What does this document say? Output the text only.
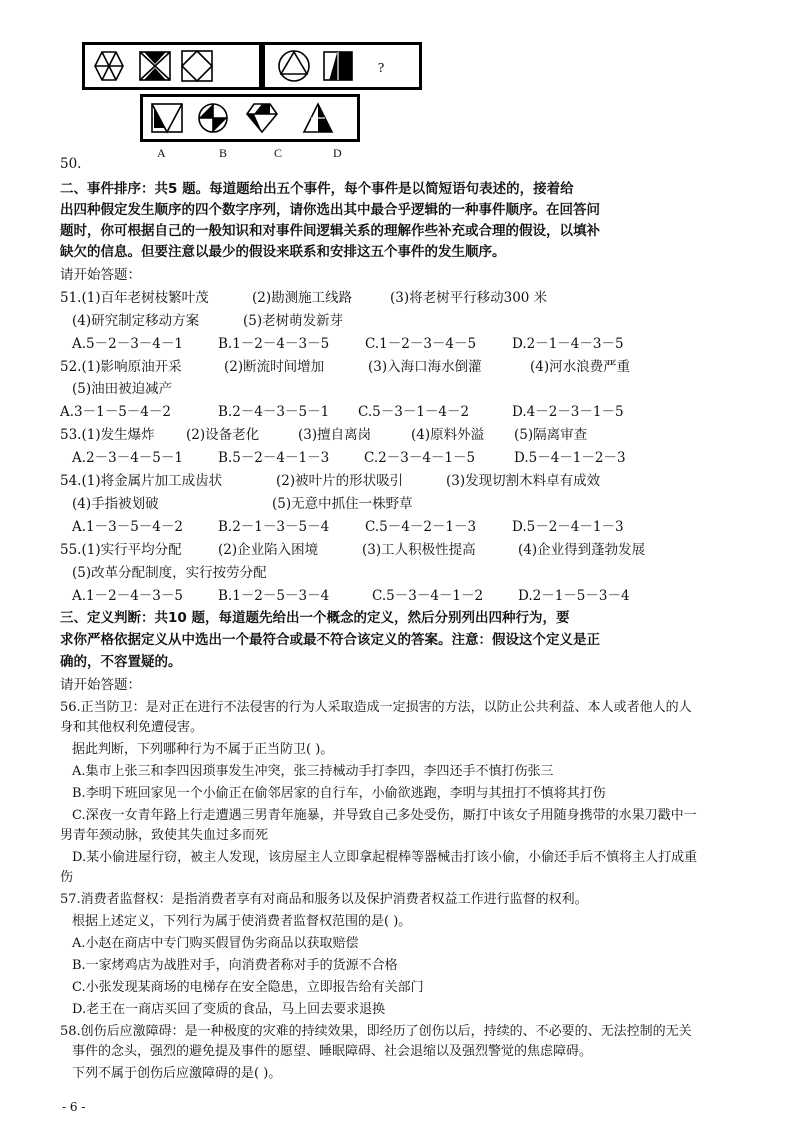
?
A	B	C	D
50.
二、事件排序：共5 题。每道题给出五个事件，每个事件是以简短语句表述的，接着给
出四种假定发生顺序的四个数字序列，请你选出其中最合乎逻辑的一种事件顺序。在回答问
题时，你可根据自己的一般知识和对事件间逻辑关系的理解作些补充或合理的假设，以填补
缺欠的信息。但要注意以最少的假设来联系和安排这五个事件的发生顺序。
请开始答题：
51.(1)百年老树枝繁叶茂	(2)勘测施工线路	(3)将老树平行移动300 米
(4)研究制定移动方案	(5)老树萌发新芽
A.5－2－3－4－1	B.1－2－4－3－5	C.1－2－3－4－5	D.2－1－4－3－5
52.(1)影响原油开采	(2)断流时间增加	(3)入海口海水倒灌	(4)河水浪费严重
(5)油田被迫减产
A.3－1－5－4－2	B.2－4－3－5－1 C.5－3－1－4－2	D.4－2－3－1－5
53.(1)发生爆炸 (2)设备老化	(3)擅自离岗	(4)原料外溢 (5)隔离审查
A.2－3－4－5－1	B.5－2－4－1－3	C.2－3－4－1－5	D.5－4－1－2－3
54.(1)将金属片加工成齿状	(2)被叶片的形状吸引	(3)发现切割木料卓有成效
(4)手指被划破	(5)无意中抓住一株野草
A.1－3－5－4－2	B.2－1－3－5－4	C.5－4－2－1－3	D.5－2－4－1－3
55.(1)实行平均分配	(2)企业陷入困境	(3)工人积极性提高	(4)企业得到蓬勃发展
(5)改革分配制度，实行按劳分配
A.1－2－4－3－5	B.1－2－5－3－4	C.5－3－4－1－2	D.2－1－5－3－4
三、定义判断：共10 题，每道题先给出一个概念的定义，然后分别列出四种行为，要
求你严格依据定义从中选出一个最符合或最不符合该定义的答案。注意：假设这个定义是正
确的，不容置疑的。
请开始答题：
56.正当防卫：是对正在进行不法侵害的行为人采取造成一定损害的方法，以防止公共利益、本人或者他人的人
身和其他权利免遭侵害。
据此判断，下列哪种行为不属于正当防卫( )。
A.集市上张三和李四因琐事发生冲突，张三持械动手打李四，李四还手不慎打伤张三
B.李明下班回家见一个小偷正在偷邻居家的自行车，小偷欲逃跑，李明与其扭打不慎将其打伤
C.深夜一女青年路上行走遭遇三男青年施暴，并导致自己多处受伤，厮打中该女子用随身携带的水果刀戳中一
男青年颈动脉，致使其失血过多而死
D.某小偷进屋行窃，被主人发现，该房屋主人立即拿起棍棒等器械击打该小偷，小偷还手后不慎将主人打成重
伤
57.消费者监督权：是指消费者享有对商品和服务以及保护消费者权益工作进行监督的权利。
根据上述定义，下列行为属于使消费者监督权范围的是( )。
A.小赵在商店中专门购买假冒伪劣商品以获取赔偿
B.一家烤鸡店为战胜对手，向消费者称对手的货源不合格
C.小张发现某商场的电梯存在安全隐患，立即报告给有关部门
D.老王在一商店买回了变质的食品，马上回去要求退换
58.创伤后应激障碍：是一种极度的灾难的持续效果，即经历了创伤以后，持续的、不必要的、无法控制的无关
事件的念头，强烈的避免提及事件的愿望、睡眠障碍、社会退缩以及强烈警觉的焦虑障碍。
下列不属于创伤后应激障碍的是( )。
- 6 -
